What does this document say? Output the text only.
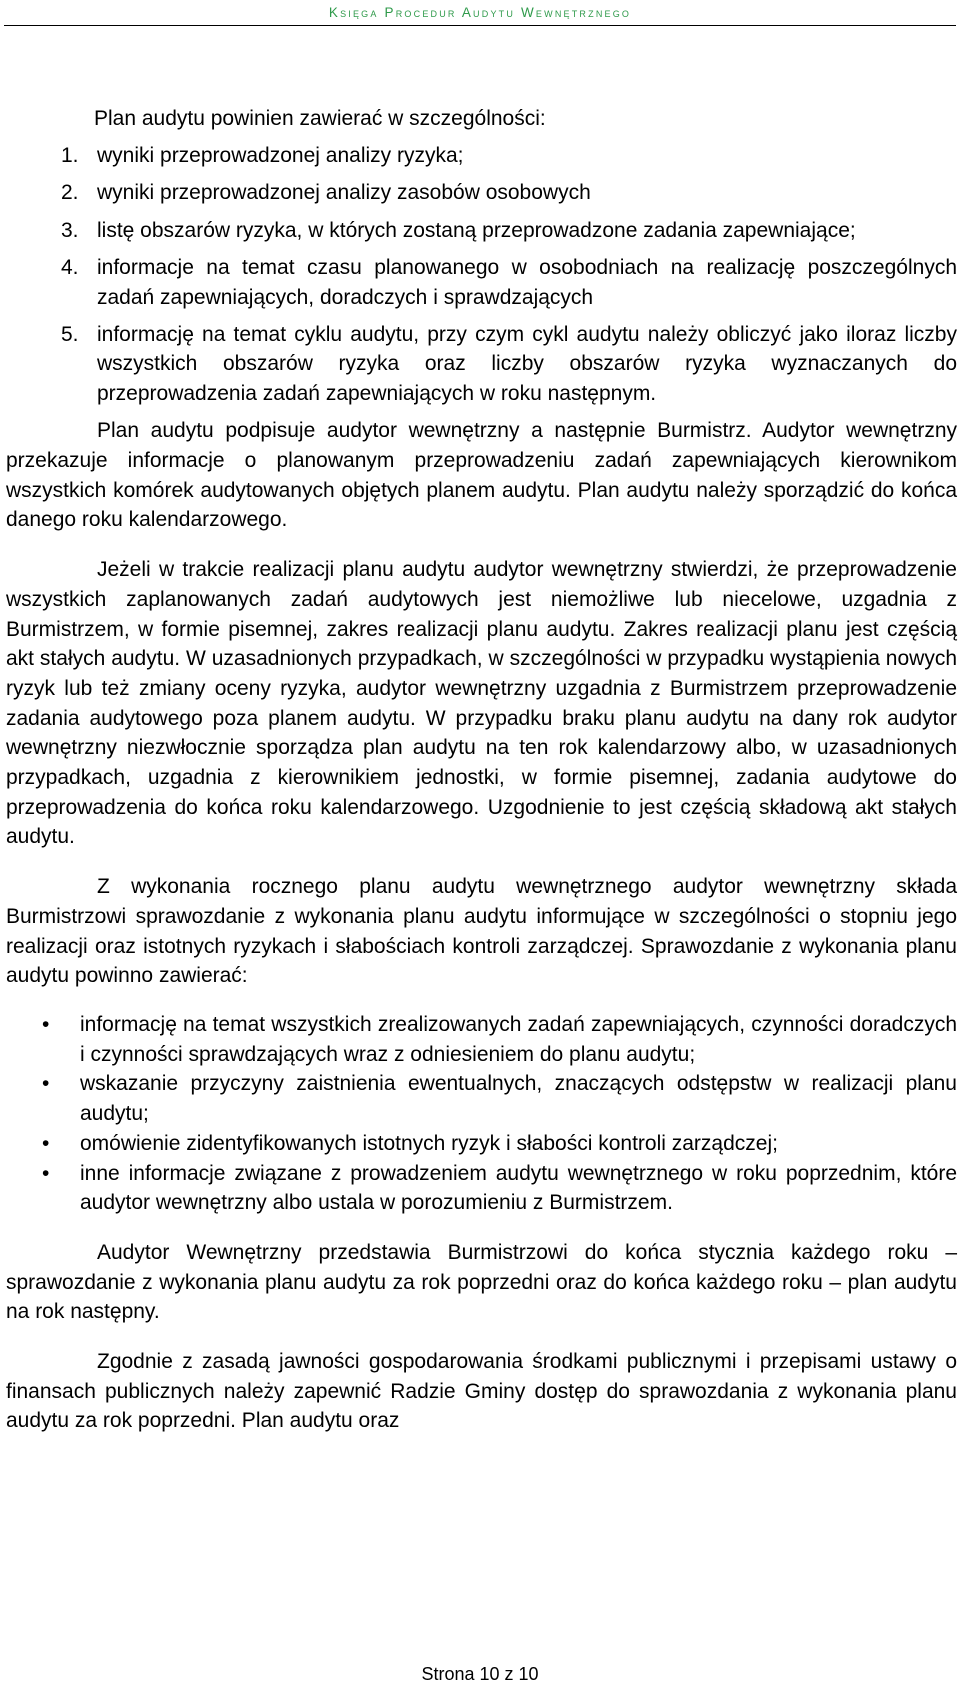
Księga Procedur Audytu Wewnętrznego

Plan audytu powinien zawierać w szczególności:

1. wyniki przeprowadzonej analizy ryzyka;
2. wyniki przeprowadzonej analizy zasobów osobowych
3. listę obszarów ryzyka, w których zostaną przeprowadzone zadania zapewniające;
4. informacje na temat czasu planowanego w osobodniach na realizację poszczególnych zadań zapewniających, doradczych i sprawdzających
5. informację na temat cyklu audytu, przy czym cykl audytu należy obliczyć jako iloraz liczby wszystkich obszarów ryzyka oraz liczby obszarów ryzyka wyznaczanych do przeprowadzenia zadań zapewniających w roku następnym.

Plan audytu podpisuje audytor wewnętrzny a następnie Burmistrz. Audytor wewnętrzny przekazuje informacje o planowanym przeprowadzeniu zadań zapewniających kierownikom wszystkich komórek audytowanych objętych planem audytu. Plan audytu należy sporządzić do końca danego roku kalendarzowego.

Jeżeli w trakcie realizacji planu audytu audytor wewnętrzny stwierdzi, że przeprowadzenie wszystkich zaplanowanych zadań audytowych jest niemożliwe lub niecelowe, uzgadnia z Burmistrzem, w formie pisemnej, zakres realizacji planu audytu. Zakres realizacji planu jest częścią akt stałych audytu. W uzasadnionych przypadkach, w szczególności w przypadku wystąpienia nowych ryzyk lub też zmiany oceny ryzyka, audytor wewnętrzny uzgadnia z Burmistrzem przeprowadzenie zadania audytowego poza planem audytu. W przypadku braku planu audytu na dany rok audytor wewnętrzny niezwłocznie sporządza plan audytu na ten rok kalendarzowy albo, w uzasadnionych przypadkach, uzgadnia z kierownikiem jednostki, w formie pisemnej, zadania audytowe do przeprowadzenia do końca roku kalendarzowego. Uzgodnienie to jest częścią składową akt stałych audytu.

Z wykonania rocznego planu audytu wewnętrznego audytor wewnętrzny składa Burmistrzowi sprawozdanie z wykonania planu audytu informujące w szczególności o stopniu jego realizacji oraz istotnych ryzykach i słabościach kontroli zarządczej. Sprawozdanie z wykonania planu audytu powinno zawierać:

• informację na temat wszystkich zrealizowanych zadań zapewniających, czynności doradczych i czynności sprawdzających wraz z odniesieniem do planu audytu;
• wskazanie przyczyny zaistnienia ewentualnych, znaczących odstępstw w realizacji planu audytu;
• omówienie zidentyfikowanych istotnych ryzyk i słabości kontroli zarządczej;
• inne informacje związane z prowadzeniem audytu wewnętrznego w roku poprzednim, które audytor wewnętrzny albo ustala w porozumieniu z Burmistrzem.

Audytor Wewnętrzny przedstawia Burmistrzowi do końca stycznia każdego roku – sprawozdanie z wykonania planu audytu za rok poprzedni oraz do końca każdego roku – plan audytu na rok następny.

Zgodnie z zasadą jawności gospodarowania środkami publicznymi i przepisami ustawy o finansach publicznych należy zapewnić Radzie Gminy dostęp do sprawozdania z wykonania planu audytu za rok poprzedni. Plan audytu oraz

Strona 10 z 10
